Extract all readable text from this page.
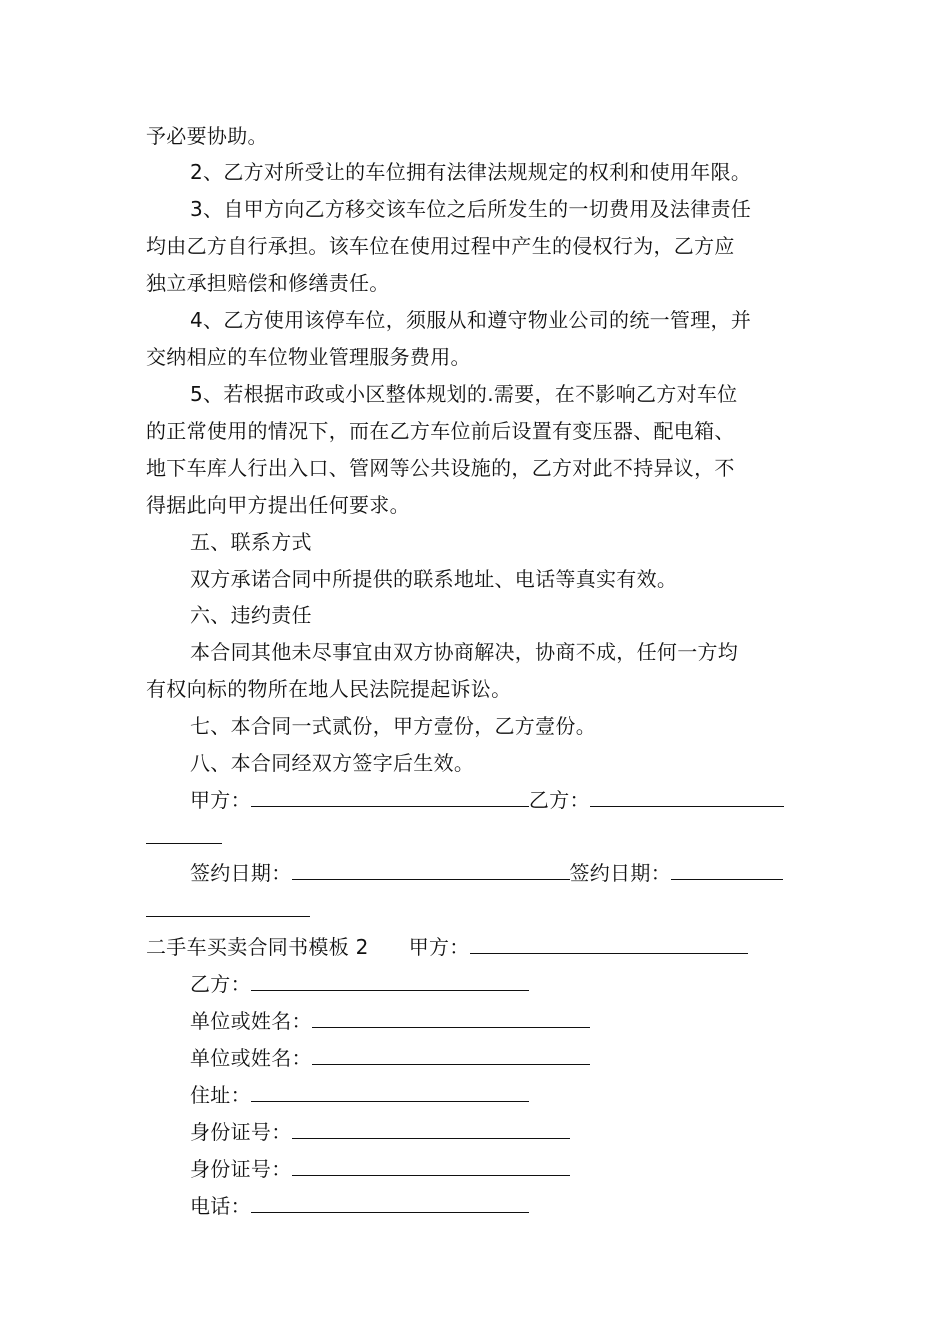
予必要协助。
2、乙方对所受让的车位拥有法律法规规定的权利和使用年限。
3、自甲方向乙方移交该车位之后所发生的一切费用及法律责任
均由乙方自行承担。该车位在使用过程中产生的侵权行为，乙方应
独立承担赔偿和修缮责任。
4、乙方使用该停车位，须服从和遵守物业公司的统一管理，并
交纳相应的车位物业管理服务费用。
5、若根据市政或小区整体规划的.需要，在不影响乙方对车位
的正常使用的情况下，而在乙方车位前后设置有变压器、配电箱、
地下车库人行出入口、管网等公共设施的，乙方对此不持异议，不
得据此向甲方提出任何要求。
五、联系方式
双方承诺合同中所提供的联系地址、电话等真实有效。
六、违约责任
本合同其他未尽事宜由双方协商解决，协商不成，任何一方均
有权向标的物所在地人民法院提起诉讼。
七、本合同一式贰份，甲方壹份，乙方壹份。
八、本合同经双方签字后生效。
甲方：	乙方：
签约日期：	签约日期：
二手车买卖合同书模板 2 甲方：
乙方：
单位或姓名：
单位或姓名：
住址：
身份证号：
身份证号：
电话：
